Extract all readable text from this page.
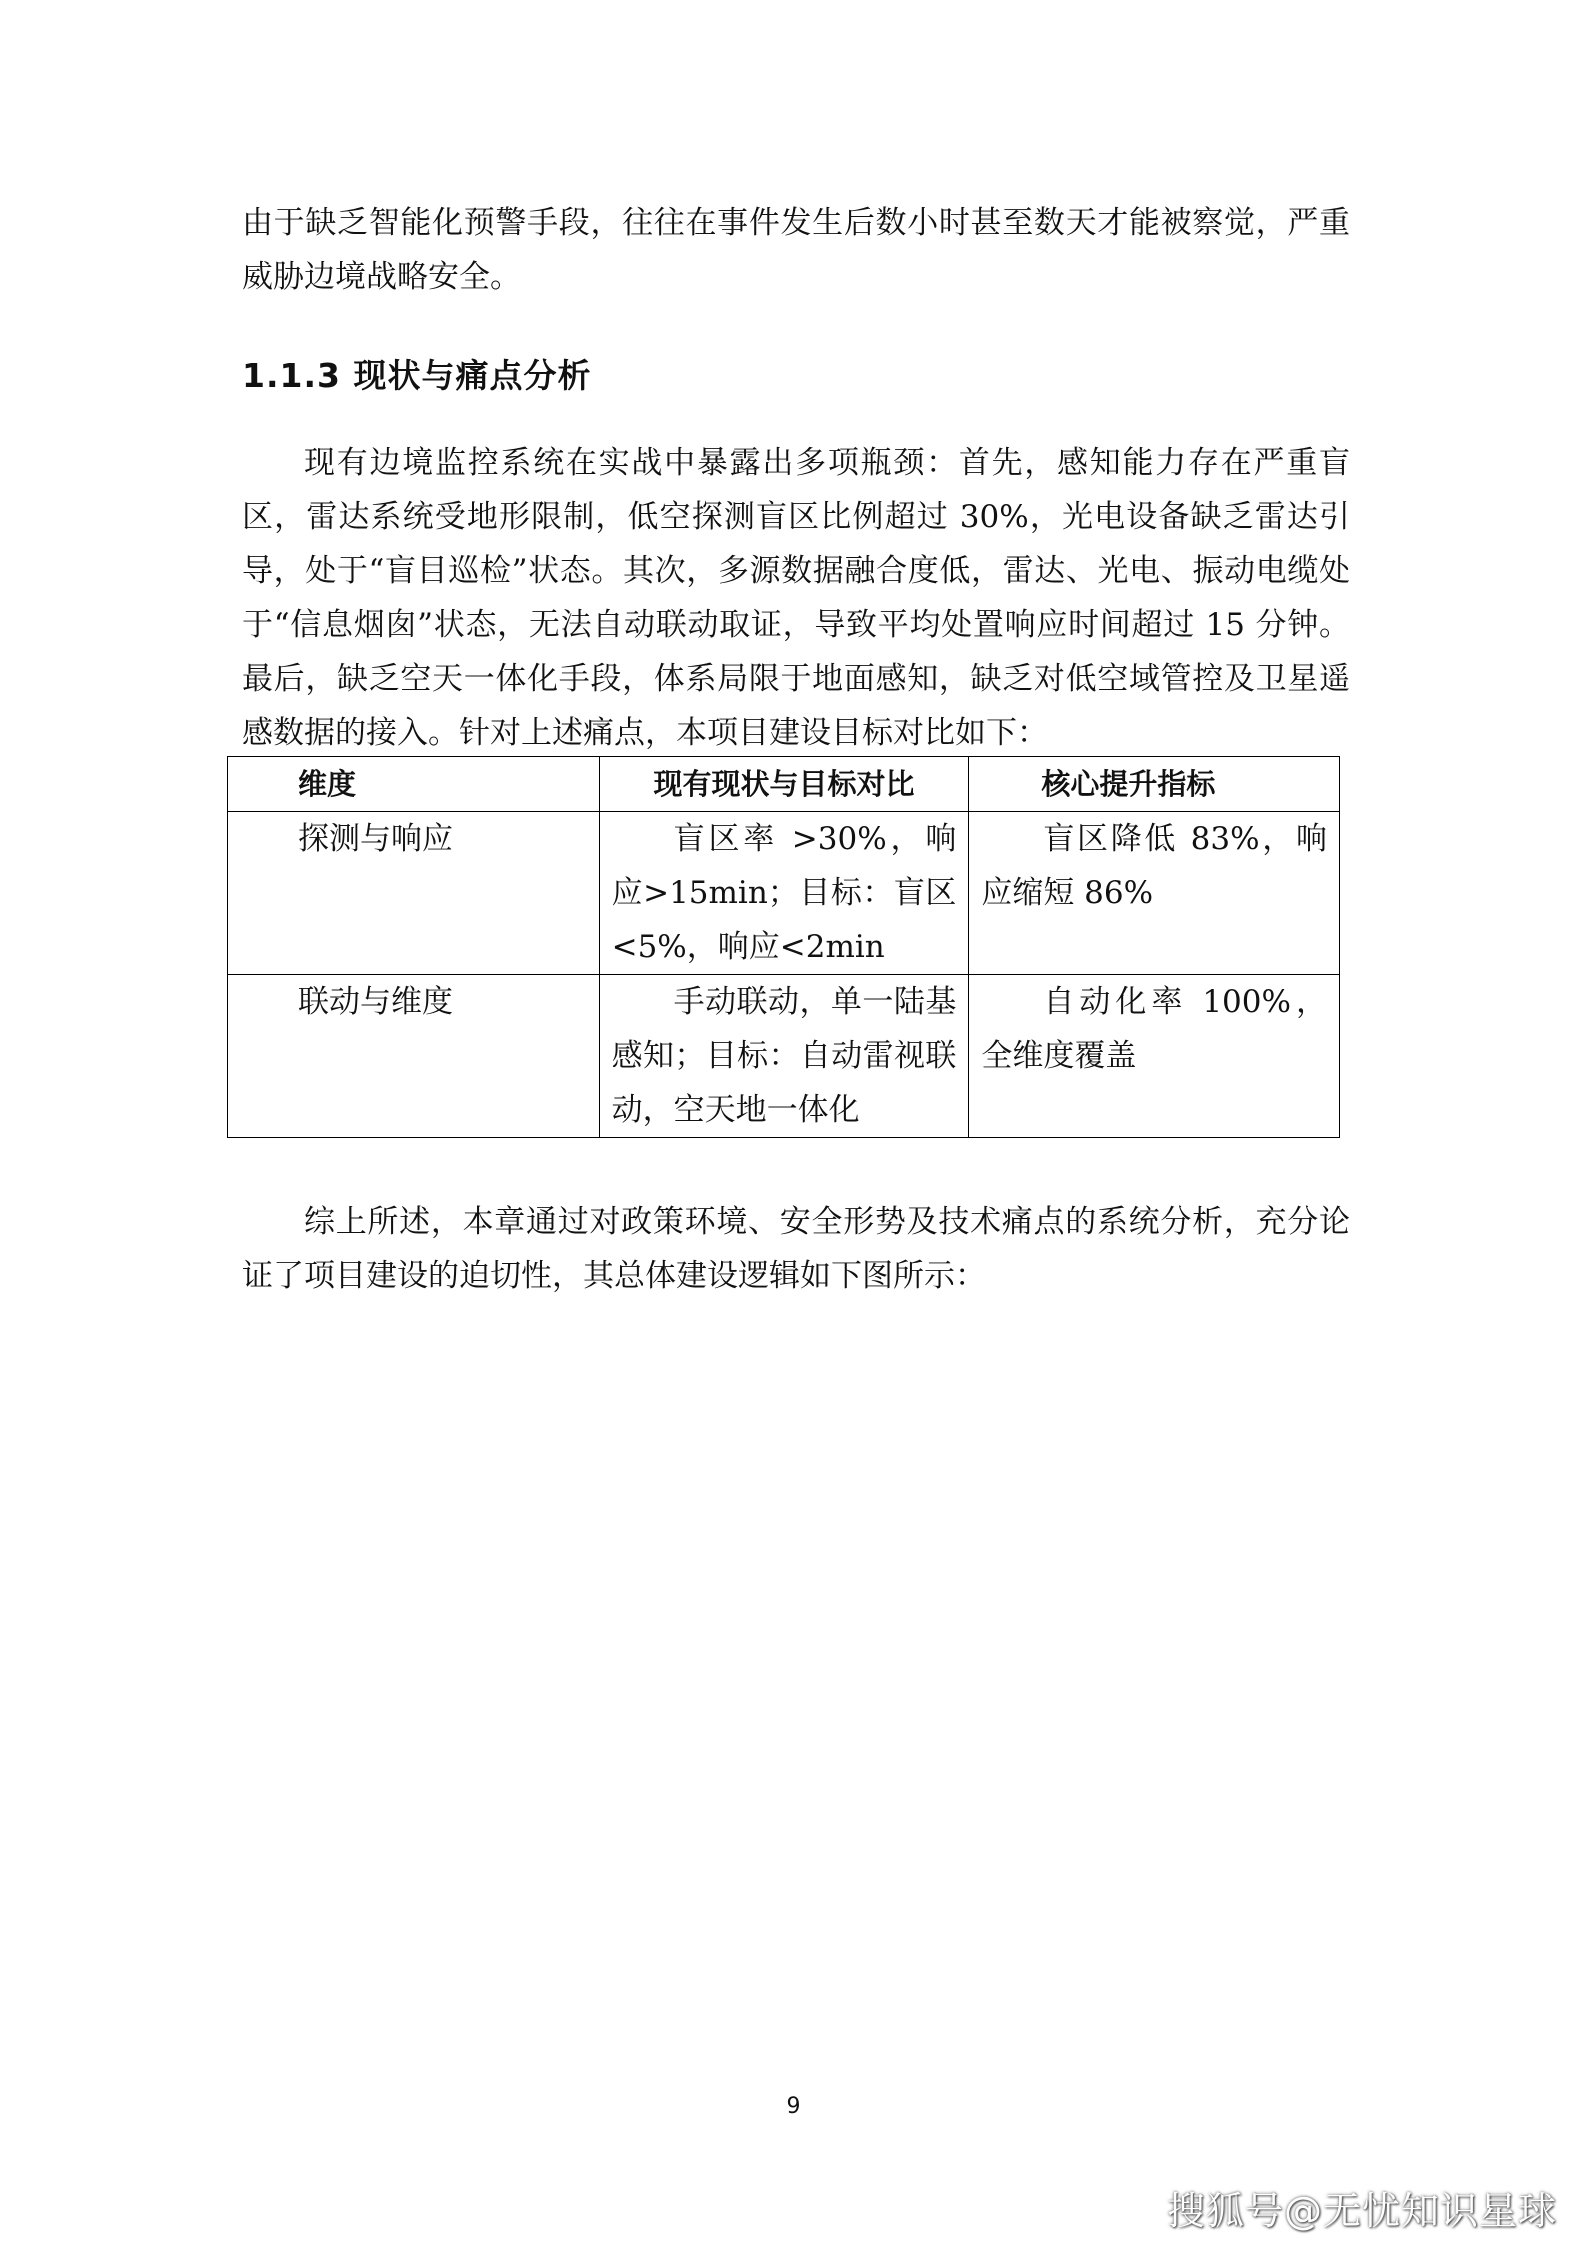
由于缺乏智能化预警手段，往往在事件发生后数小时甚至数天才能被察觉，严重威胁边境战略安全。
1.1.3 现状与痛点分析
现有边境监控系统在实战中暴露出多项瓶颈：首先，感知能力存在严重盲区，雷达系统受地形限制，低空探测盲区比例超过 30%，光电设备缺乏雷达引导，处于“盲目巡检”状态。其次，多源数据融合度低，雷达、光电、振动电缆处于“信息烟囱”状态，无法自动联动取证，导致平均处置响应时间超过 15 分钟。最后，缺乏空天一体化手段，体系局限于地面感知，缺乏对低空域管控及卫星遥感数据的接入。针对上述痛点，本项目建设目标对比如下：
维度	现有现状与目标对比	核心提升指标
探测与响应	盲区率 >30%，响应>15min；目标：盲区<5%，响应<2min	盲区降低 83%，响应缩短 86%
联动与维度	手动联动，单一陆基感知；目标：自动雷视联动，空天地一体化	自动化率 100%，全维度覆盖
综上所述，本章通过对政策环境、安全形势及技术痛点的系统分析，充分论证了项目建设的迫切性，其总体建设逻辑如下图所示：
9
搜狐号@无忧知识星球
